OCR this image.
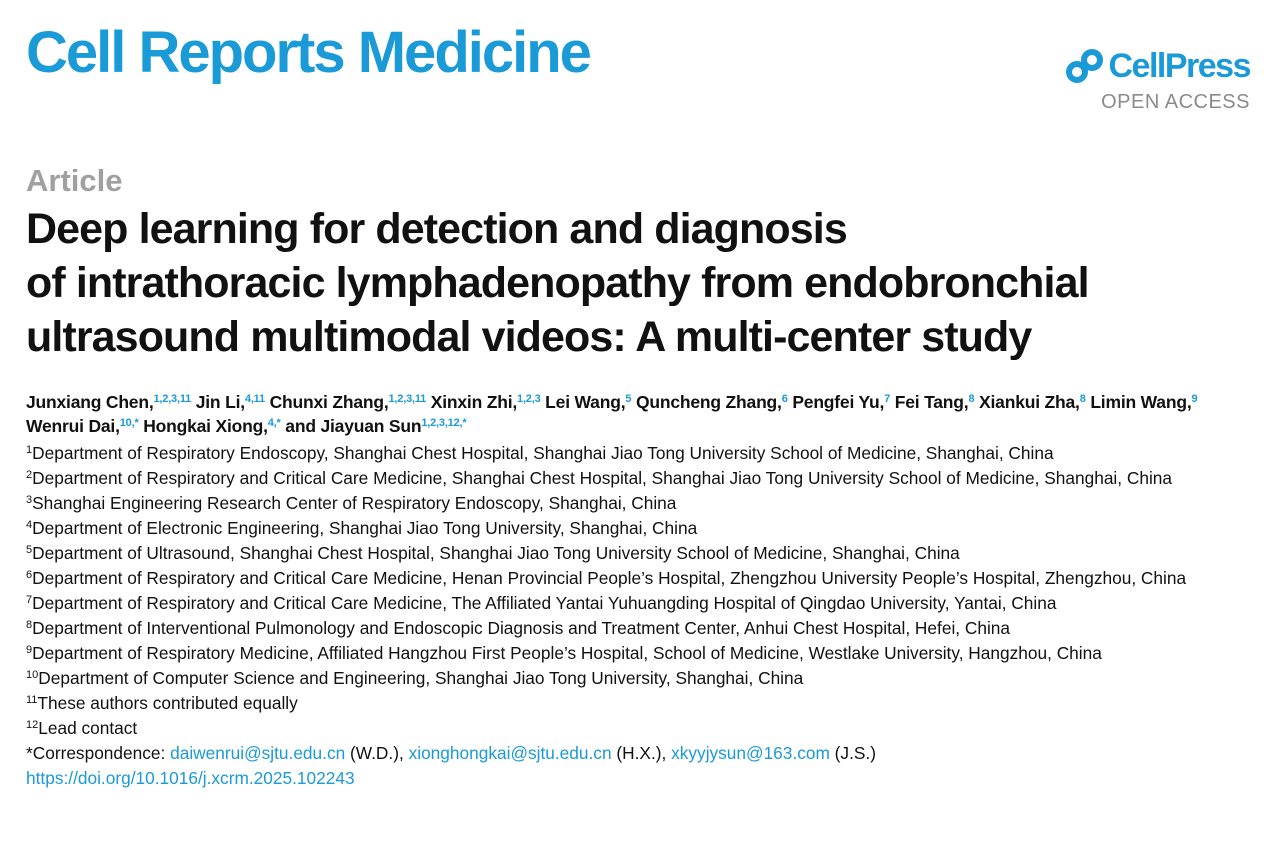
Cell Reports Medicine	CellPress
OPEN ACCESS
Article
Deep learning for detection and diagnosis
of intrathoracic lymphadenopathy from endobronchial
ultrasound multimodal videos: A multi-center study
Junxiang Chen,$^{1,2,3,11}$ Jin Li,$^{4,11}$ Chunxi Zhang,$^{1,2,3,11}$ Xinxin Zhi,$^{1,2,3}$ Lei Wang,$^5$ Quncheng Zhang,$^6$ Pengfei Yu,$^7$ Fei Tang,$^8$ Xiankui Zha,$^8$ Limin Wang,$^9$ Wenrui Dai,$^{10,*}$ Hongkai Xiong,$^{4,*}$ and Jiayuan Sun$^{1,2,3,12,*}$

$^1$Department of Respiratory Endoscopy, Shanghai Chest Hospital, Shanghai Jiao Tong University School of Medicine, Shanghai, China

$^2$Department of Respiratory and Critical Care Medicine, Shanghai Chest Hospital, Shanghai Jiao Tong University School of Medicine, Shanghai, China

$^3$Shanghai Engineering Research Center of Respiratory Endoscopy, Shanghai, China

$^4$Department of Electronic Engineering, Shanghai Jiao Tong University, Shanghai, China

$^5$Department of Ultrasound, Shanghai Chest Hospital, Shanghai Jiao Tong University School of Medicine, Shanghai, China

$^6$Department of Respiratory and Critical Care Medicine, Henan Provincial People’s Hospital, Zhengzhou University People’s Hospital, Zhengzhou, China

$^7$Department of Respiratory and Critical Care Medicine, The Affiliated Yantai Yuhuangding Hospital of Qingdao University, Yantai, China

$^8$Department of Interventional Pulmonology and Endoscopic Diagnosis and Treatment Center, Anhui Chest Hospital, Hefei, China

$^9$Department of Respiratory Medicine, Affiliated Hangzhou First People’s Hospital, School of Medicine, Westlake University, Hangzhou, China

$^{10}$Department of Computer Science and Engineering, Shanghai Jiao Tong University, Shanghai, China

$^{11}$These authors contributed equally

$^{12}$Lead contact

*Correspondence: daiwenrui@sjtu.edu.cn (W.D.), xionghongkai@sjtu.edu.cn (H.X.), xkyyjysun@163.com (J.S.)

https://doi.org/10.1016/j.xcrm.2025.102243
